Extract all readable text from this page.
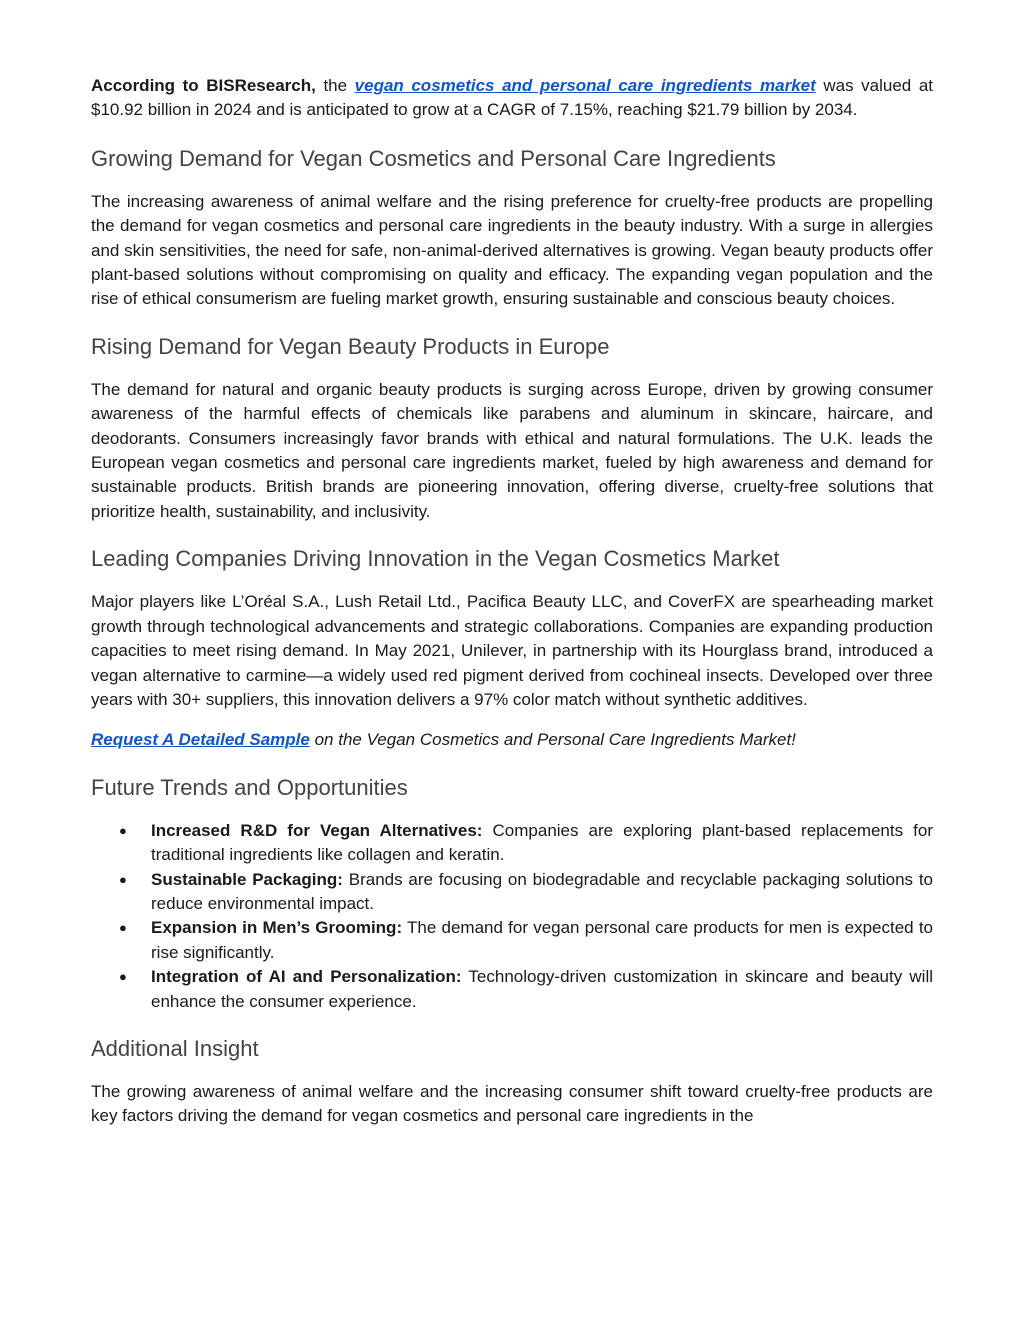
According to BISResearch, the vegan cosmetics and personal care ingredients market was valued at $10.92 billion in 2024 and is anticipated to grow at a CAGR of 7.15%, reaching $21.79 billion by 2034.

Growing Demand for Vegan Cosmetics and Personal Care Ingredients

The increasing awareness of animal welfare and the rising preference for cruelty-free products are propelling the demand for vegan cosmetics and personal care ingredients in the beauty industry. With a surge in allergies and skin sensitivities, the need for safe, non-animal-derived alternatives is growing. Vegan beauty products offer plant-based solutions without compromising on quality and efficacy. The expanding vegan population and the rise of ethical consumerism are fueling market growth, ensuring sustainable and conscious beauty choices.

Rising Demand for Vegan Beauty Products in Europe

The demand for natural and organic beauty products is surging across Europe, driven by growing consumer awareness of the harmful effects of chemicals like parabens and aluminum in skincare, haircare, and deodorants. Consumers increasingly favor brands with ethical and natural formulations. The U.K. leads the European vegan cosmetics and personal care ingredients market, fueled by high awareness and demand for sustainable products. British brands are pioneering innovation, offering diverse, cruelty-free solutions that prioritize health, sustainability, and inclusivity.

Leading Companies Driving Innovation in the Vegan Cosmetics Market

Major players like L’Oréal S.A., Lush Retail Ltd., Pacifica Beauty LLC, and CoverFX are spearheading market growth through technological advancements and strategic collaborations. Companies are expanding production capacities to meet rising demand. In May 2021, Unilever, in partnership with its Hourglass brand, introduced a vegan alternative to carmine—a widely used red pigment derived from cochineal insects. Developed over three years with 30+ suppliers, this innovation delivers a 97% color match without synthetic additives.

Request A Detailed Sample on the Vegan Cosmetics and Personal Care Ingredients Market!

Future Trends and Opportunities
● Increased R&D for Vegan Alternatives: Companies are exploring plant-based replacements for traditional ingredients like collagen and keratin.
● Sustainable Packaging: Brands are focusing on biodegradable and recyclable packaging solutions to reduce environmental impact.
● Expansion in Men’s Grooming: The demand for vegan personal care products for men is expected to rise significantly.
● Integration of AI and Personalization: Technology-driven customization in skincare and beauty will enhance the consumer experience.
Additional Insight

The growing awareness of animal welfare and the increasing consumer shift toward cruelty-free products are key factors driving the demand for vegan cosmetics and personal care ingredients in the
